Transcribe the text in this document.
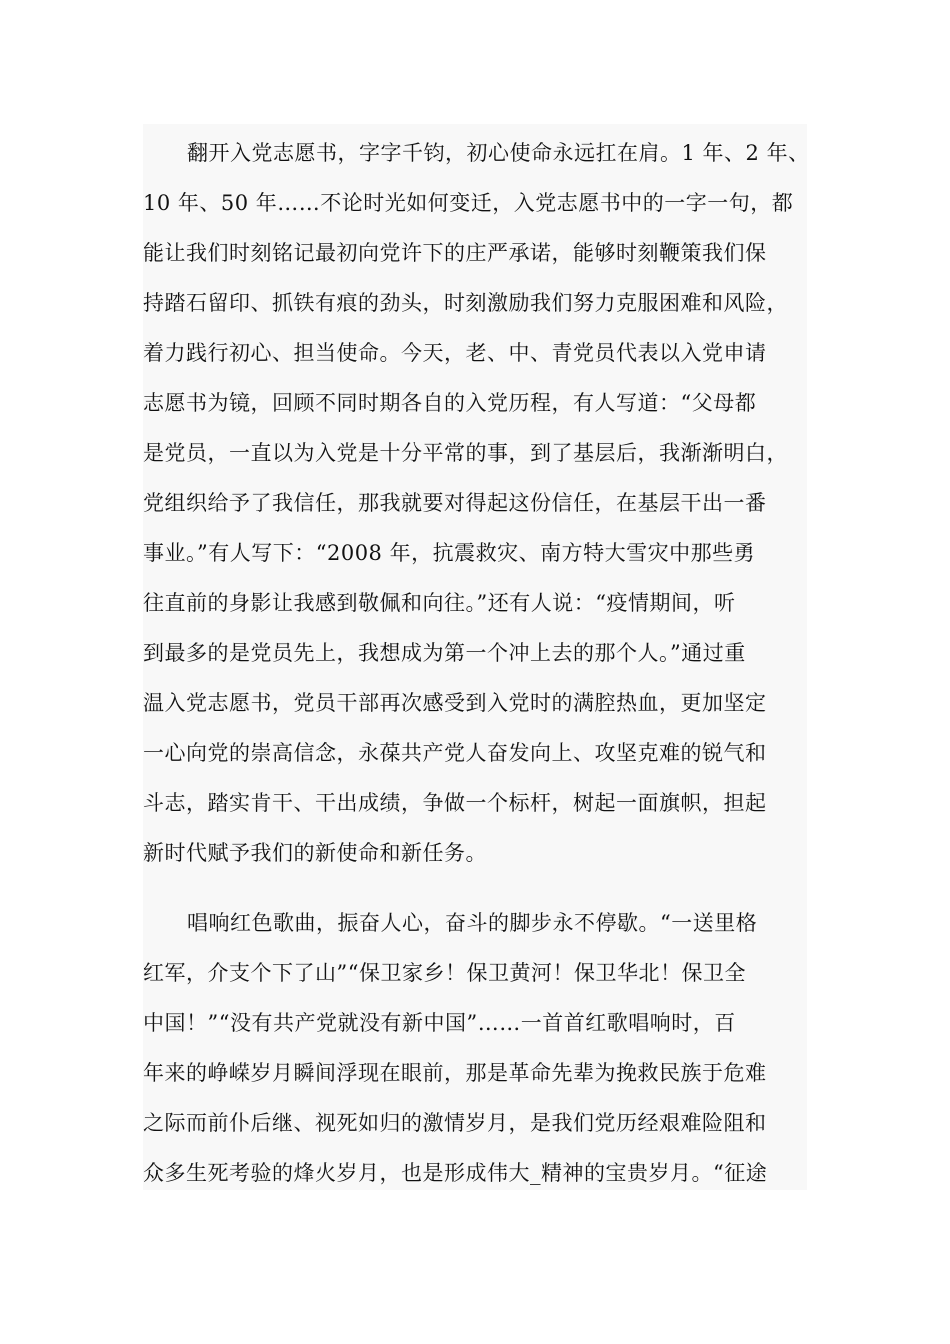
翻开入党志愿书，字字千钧，初心使命永远扛在肩。1 年、2 年、
10 年、50 年……不论时光如何变迁，入党志愿书中的一字一句，都
能让我们时刻铭记最初向党许下的庄严承诺，能够时刻鞭策我们保
持踏石留印、抓铁有痕的劲头，时刻激励我们努力克服困难和风险，
着力践行初心、担当使命。今天，老、中、青党员代表以入党申请
志愿书为镜，回顾不同时期各自的入党历程，有人写道：“父母都
是党员，一直以为入党是十分平常的事，到了基层后，我渐渐明白，
党组织给予了我信任，那我就要对得起这份信任，在基层干出一番
事业。”有人写下：“2008 年，抗震救灾、南方特大雪灾中那些勇
往直前的身影让我感到敬佩和向往。”还有人说：“疫情期间，听
到最多的是党员先上，我想成为第一个冲上去的那个人。”通过重
温入党志愿书，党员干部再次感受到入党时的满腔热血，更加坚定
一心向党的崇高信念，永葆共产党人奋发向上、攻坚克难的锐气和
斗志，踏实肯干、干出成绩，争做一个标杆，树起一面旗帜，担起
新时代赋予我们的新使命和新任务。

唱响红色歌曲，振奋人心，奋斗的脚步永不停歇。“一送里格
红军，介支个下了山”“保卫家乡！保卫黄河！保卫华北！保卫全
中国！”“没有共产党就没有新中国”……一首首红歌唱响时，百
年来的峥嵘岁月瞬间浮现在眼前，那是革命先辈为挽救民族于危难
之际而前仆后继、视死如归的激情岁月，是我们党历经艰难险阻和
众多生死考验的烽火岁月，也是形成伟大_精神的宝贵岁月。“征途
